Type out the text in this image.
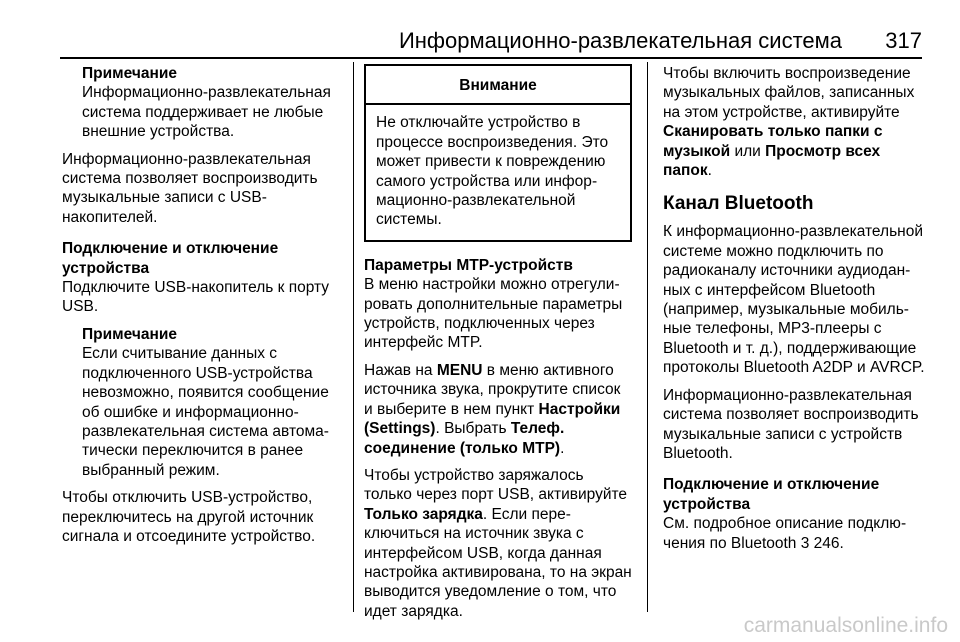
Информационно-развлекательная система 317
Примечание
Информационно-развлекательная система поддерживает не любые внешние устройства.

Информационно-развлекательная система позволяет воспроизводить музыкальные записи с USB-накопителей.

Подключение и отключение устройства

Подключите USB-накопитель к порту USB.

Примечание
Если считывание данных с подключенного USB-устройства невозможно, появится сообщение об ошибке и информационно-развлекательная система автоматически переключится в ранее выбранный режим.

Чтобы отключить USB-устройство, переключитесь на другой источник сигнала и отсоедините устройство.

Внимание
Не отключайте устройство в процессе воспроизведения. Это может привести к повреждению самого устройства или информационно-развлекательной системы.
Параметры MTP-устройств

В меню настройки можно отрегулировать дополнительные параметры устройств, подключенных через интерфейс MTP.

Нажав на MENU в меню активного источника звука, прокрутите список и выберите в нем пункт Настройки (Settings). Выбрать Телеф. соединение (только MTP).

Чтобы устройство заряжалось только через порт USB, активируйте Только зарядка. Если переключиться на источник звука с интерфейсом USB, когда данная настройка активирована, то на экран выводится уведомление о том, что идет зарядка.

Чтобы включить воспроизведение музыкальных файлов, записанных на этом устройстве, активируйте Сканировать только папки с музыкой или Просмотр всех папок.

Канал Bluetooth

К информационно-развлекательной системе можно подключить по радиоканалу источники аудиоданных с интерфейсом Bluetooth (например, музыкальные мобильные телефоны, MP3-плееры с Bluetooth и т. д.), поддерживающие протоколы Bluetooth A2DP и AVRCP.

Информационно-развлекательная система позволяет воспроизводить музыкальные записи с устройств Bluetooth.

Подключение и отключение устройства

См. подробное описание подключения по Bluetooth 3 246.

carmanualsonline.info
